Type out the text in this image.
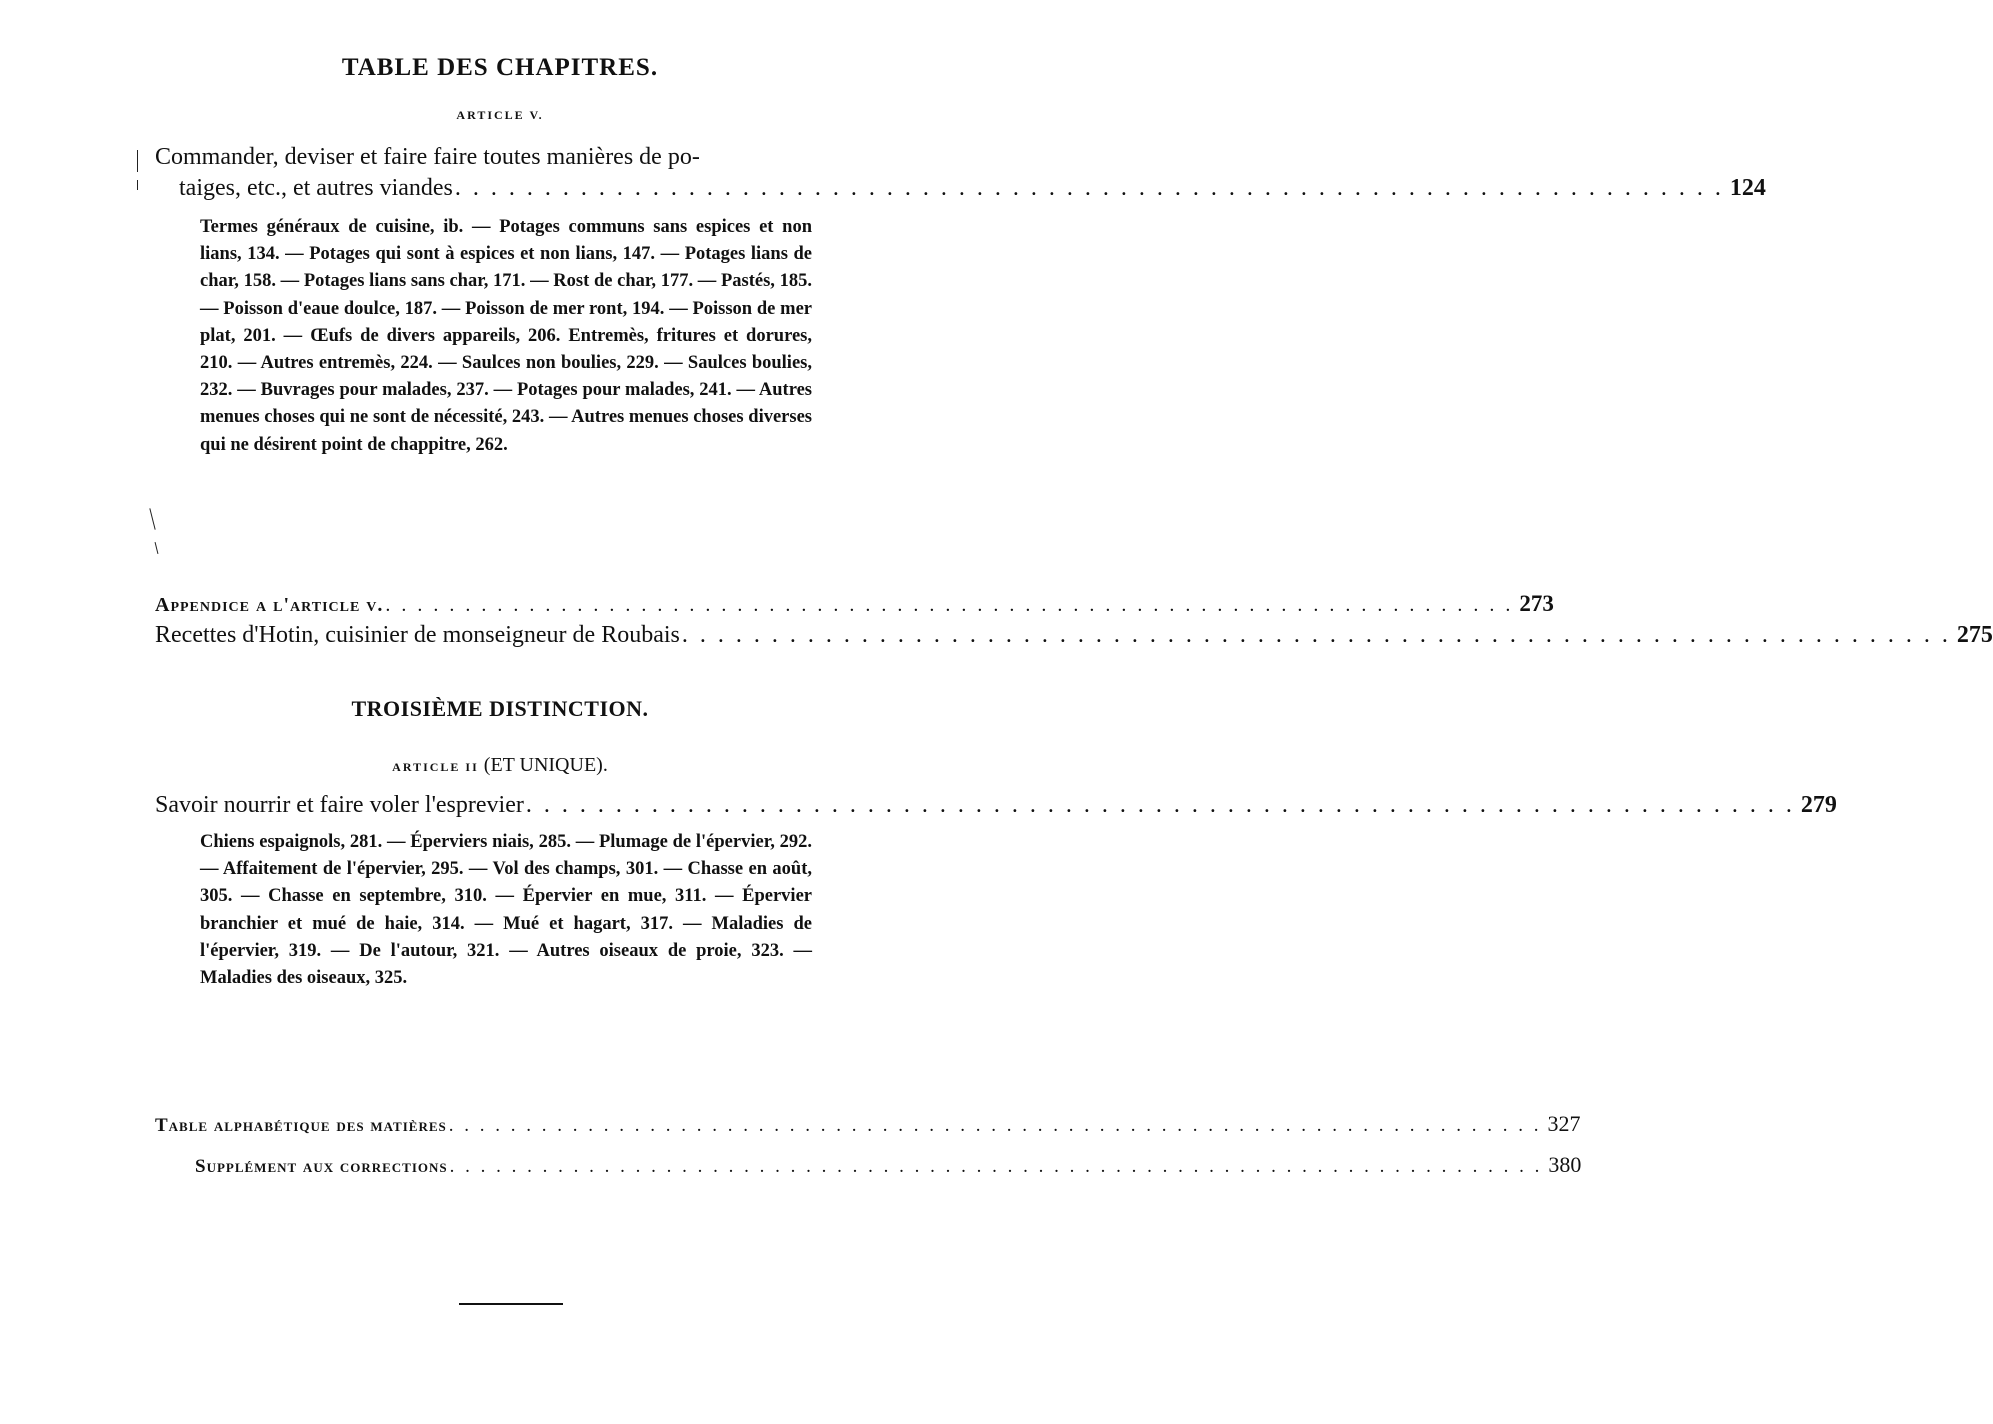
TABLE DES CHAPITRES.
ARTICLE V.
Commander, deviser et faire faire toutes manières de po-
taiges, etc., et autres viandes . . . . . . . . . . . . . . . . . . . . . . . . . . . . . . . . . . . . . . . . . . . . . . . . . . . . . . . . . . . . . . . . . . . . . . . 124
Termes généraux de cuisine, ib. — Potages communs sans espices et non lians, 134. — Potages qui sont à espices et non lians, 147. — Potages lians de char, 158. — Potages lians sans char, 171. — Rost de char, 177. — Pastés, 185. — Poisson d'eaue doulce, 187. — Poisson de mer ront, 194. — Poisson de mer plat, 201. — Œufs de divers appareils, 206. Entremès, fritures et dorures, 210. — Autres entremès, 224. — Saulces non boulies, 229. — Saulces boulies, 232. — Buvrages pour malades, 237. — Potages pour malades, 241. — Autres menues choses qui ne sont de nécessité, 243. — Autres menues choses diverses qui ne désirent point de chappitre, 262.
Appendice a l'article v. . . . . . . . . . . . . . . . . . . . . . . . . . . . . . . . . . . . . . . . . . . . . . . . . . . . . . . . . . . . . . . . . . . . . . . . 273
Recettes d'Hotin, cuisinier de monseigneur de Roubais . . . . . . . . . . . . . . . . . . . . . . . . . . . . . . . . . . . . . . . . . . . . . . . . . . . . . . . . . . . . . . . . . . . . . . . 275
TROISIÈME DISTINCTION.
ARTICLE II (ET UNIQUE).
Savoir nourrir et faire voler l'esprevier . . . . . . . . . . . . . . . . . . . . . . . . . . . . . . . . . . . . . . . . . . . . . . . . . . . . . . . . . . . . . . . . . . . . . . . 279
Chiens espaignols, 281. — Éperviers niais, 285. — Plumage de l'épervier, 292. — Affaitement de l'épervier, 295. — Vol des champs, 301. — Chasse en août, 305. — Chasse en septembre, 310. — Épervier en mue, 311. — Épervier branchier et mué de haie, 314. — Mué et hagart, 317. — Maladies de l'épervier, 319. — De l'autour, 321. — Autres oiseaux de proie, 323. — Maladies des oiseaux, 325.
Table alphabétique des matières . . . . . . . . . . . . . . . . . . . . . . . . . . . . . . . . . . . . . . . . . . . . . . . . . . . . . . . . . . . . . . . . . . . . . . . 327
Supplément aux corrections . . . . . . . . . . . . . . . . . . . . . . . . . . . . . . . . . . . . . . . . . . . . . . . . . . . . . . . . . . . . . . . . . . . . . . . 380
